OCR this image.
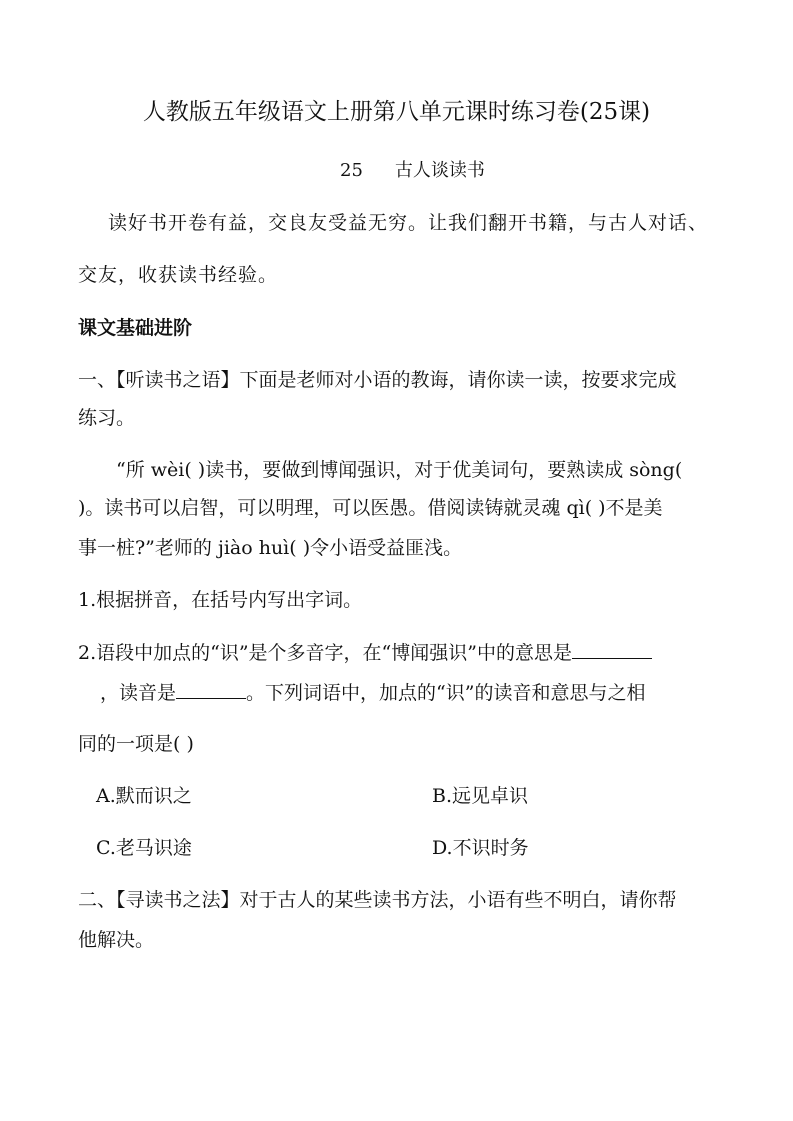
人教版五年级语文上册第八单元课时练习卷(25课)
25 古人谈读书
读好书开卷有益，交良友受益无穷。让我们翻开书籍，与古人对话、
交友，收获读书经验。
课文基础进阶
一、【听读书之语】下面是老师对小语的教诲，请你读一读，按要求完成
练习。
“所 wèi( )读书，要做到博闻强识，对于优美词句，要熟读成 sòng(
)。读书可以启智，可以明理，可以医愚。借阅读铸就灵魂 qì( )不是美
事一桩?”老师的 jiào huì( )令小语受益匪浅。
1.根据拼音，在括号内写出字词。
2.语段中加点的“识”是个多音字，在“博闻强识”中的意思是
，读音是	。下列词语中，加点的“识”的读音和意思与之相
同的一项是( )
A.默而识之	B.远见卓识
C.老马识途	D.不识时务
二、【寻读书之法】对于古人的某些读书方法，小语有些不明白，请你帮
他解决。
